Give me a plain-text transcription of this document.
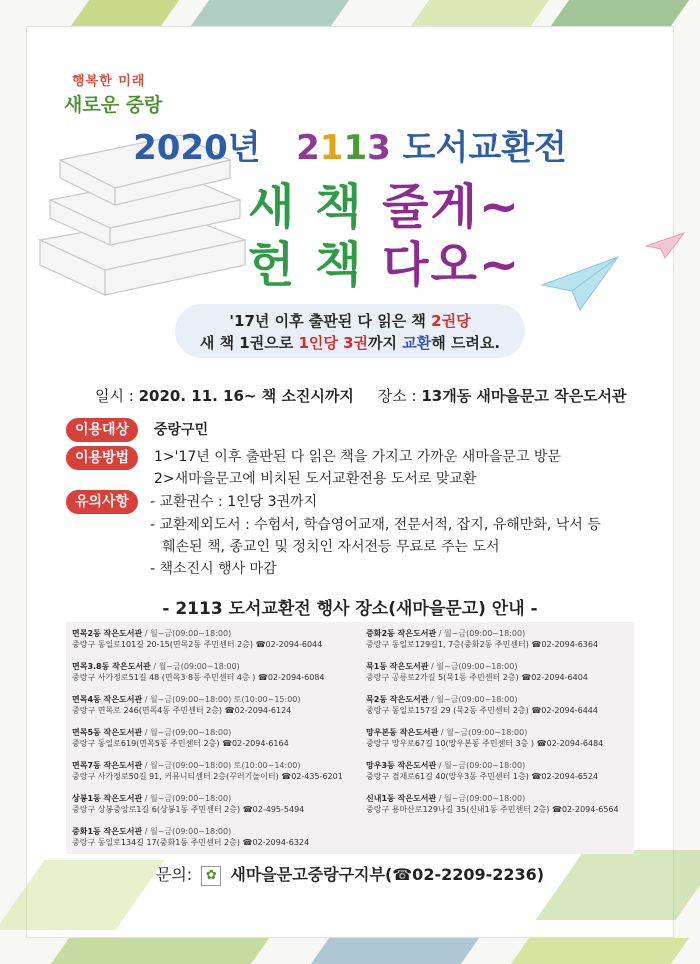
행복한 미래
새로운 중랑
2020년 2113 도서교환전
새 책 줄게~
헌 책 다오~
'17년 이후 출판된 다 읽은 책 2권당
새 책 1권으로 1인당 3권까지 교환해 드려요.
일시 : 2020. 11. 16~ 책 소진시까지 장소 : 13개동 새마을문고 작은도서관
이용대상	중랑구민
이용방법	1>'17년 이후 출판된 다 읽은 책을 가지고 가까운 새마을문고 방문
2>새마을문고에 비치된 도서교환전용 도서로 맞교환
유의사항	- 교환권수 : 1인당 3권까지
- 교환제외도서 : 수험서, 학습영어교재, 전문서적, 잡지, 유해만화, 낙서 등
훼손된 책, 종교인 및 정치인 자서전등 무료로 주는 도서
- 책소진시 행사 마감
- 2113 도서교환전 행사 장소(새마을문고) 안내 -
면목2동 작은도서관 / 월~금(09:00~18:00)
중랑구 동일로101길 20-15(면목2동 주민센터 2층) ☎02-2094-6044
중화2동 작은도서관 / 월~금(09:00~18:00)
중랑구 동일로129길1, 7층(중화2동 주민센터) ☎02-2094-6364
면목3.8동 작은도서관 / 월~금(09:00~18:00)
중랑구 사가정로51길 48 (면목3·8동 주민센터 4층 ) ☎02-2094-6084
묵1동 작은도서관 / 월~금(09:00~18:00)
중랑구 공릉로2가길 5(묵1동 주민센터 2층) ☎02-2094-6404
면목4동 작은도서관 / 월~금(09:00~18:00) 토(10:00~15:00)
중랑구 면목로 246(면목4동 주민센터 2층) ☎02-2094-6124
묵2동 작은도서관 / 월~금(09:00~18:00)
중랑구 동일로157길 29 (묵2동 주민센터 2층) ☎02-2094-6444
면목5동 작은도서관 / 월~금(09:00~18:00)
중랑구 동일로619(면목5동 주민센터 2층) ☎02-2094-6164
망우본동 작은도서관 / 월~금(09:00~18:00)
중랑구 망우로67길 10(망우본동 주민센터 3층 ) ☎02-2094-6484
면목7동 작은도서관 / 월~금(09:00~18:00) 토(10:00~14:00)
중랑구 사가정로50길 91, 커뮤니티센터 2층(꾸러기놀이터) ☎02-435-6201
망우3동 작은도서관 / 월~금(09:00~18:00)
중랑구 겸재로61길 40(망우3동 주민센터 1층) ☎02-2094-6524
상봉1동 작은도서관 / 월~금(09:00~18:00)
중랑구 상봉중앙로1길 6(상봉1동 주민센터 2층) ☎02-495-5494
신내1동 작은도서관 / 월~금(09:00~18:00)
중랑구 용마산로129나길 35(신내1동 주민센터 2층) ☎02-2094-6564
중화1동 작은도서관 / 월~금(09:00~18:00)
중랑구 동일로134길 17(중화1동 주민센터 2층) ☎02-2094-6324
문의: ✿ 새마을문고중랑구지부(☎02-2209-2236)
